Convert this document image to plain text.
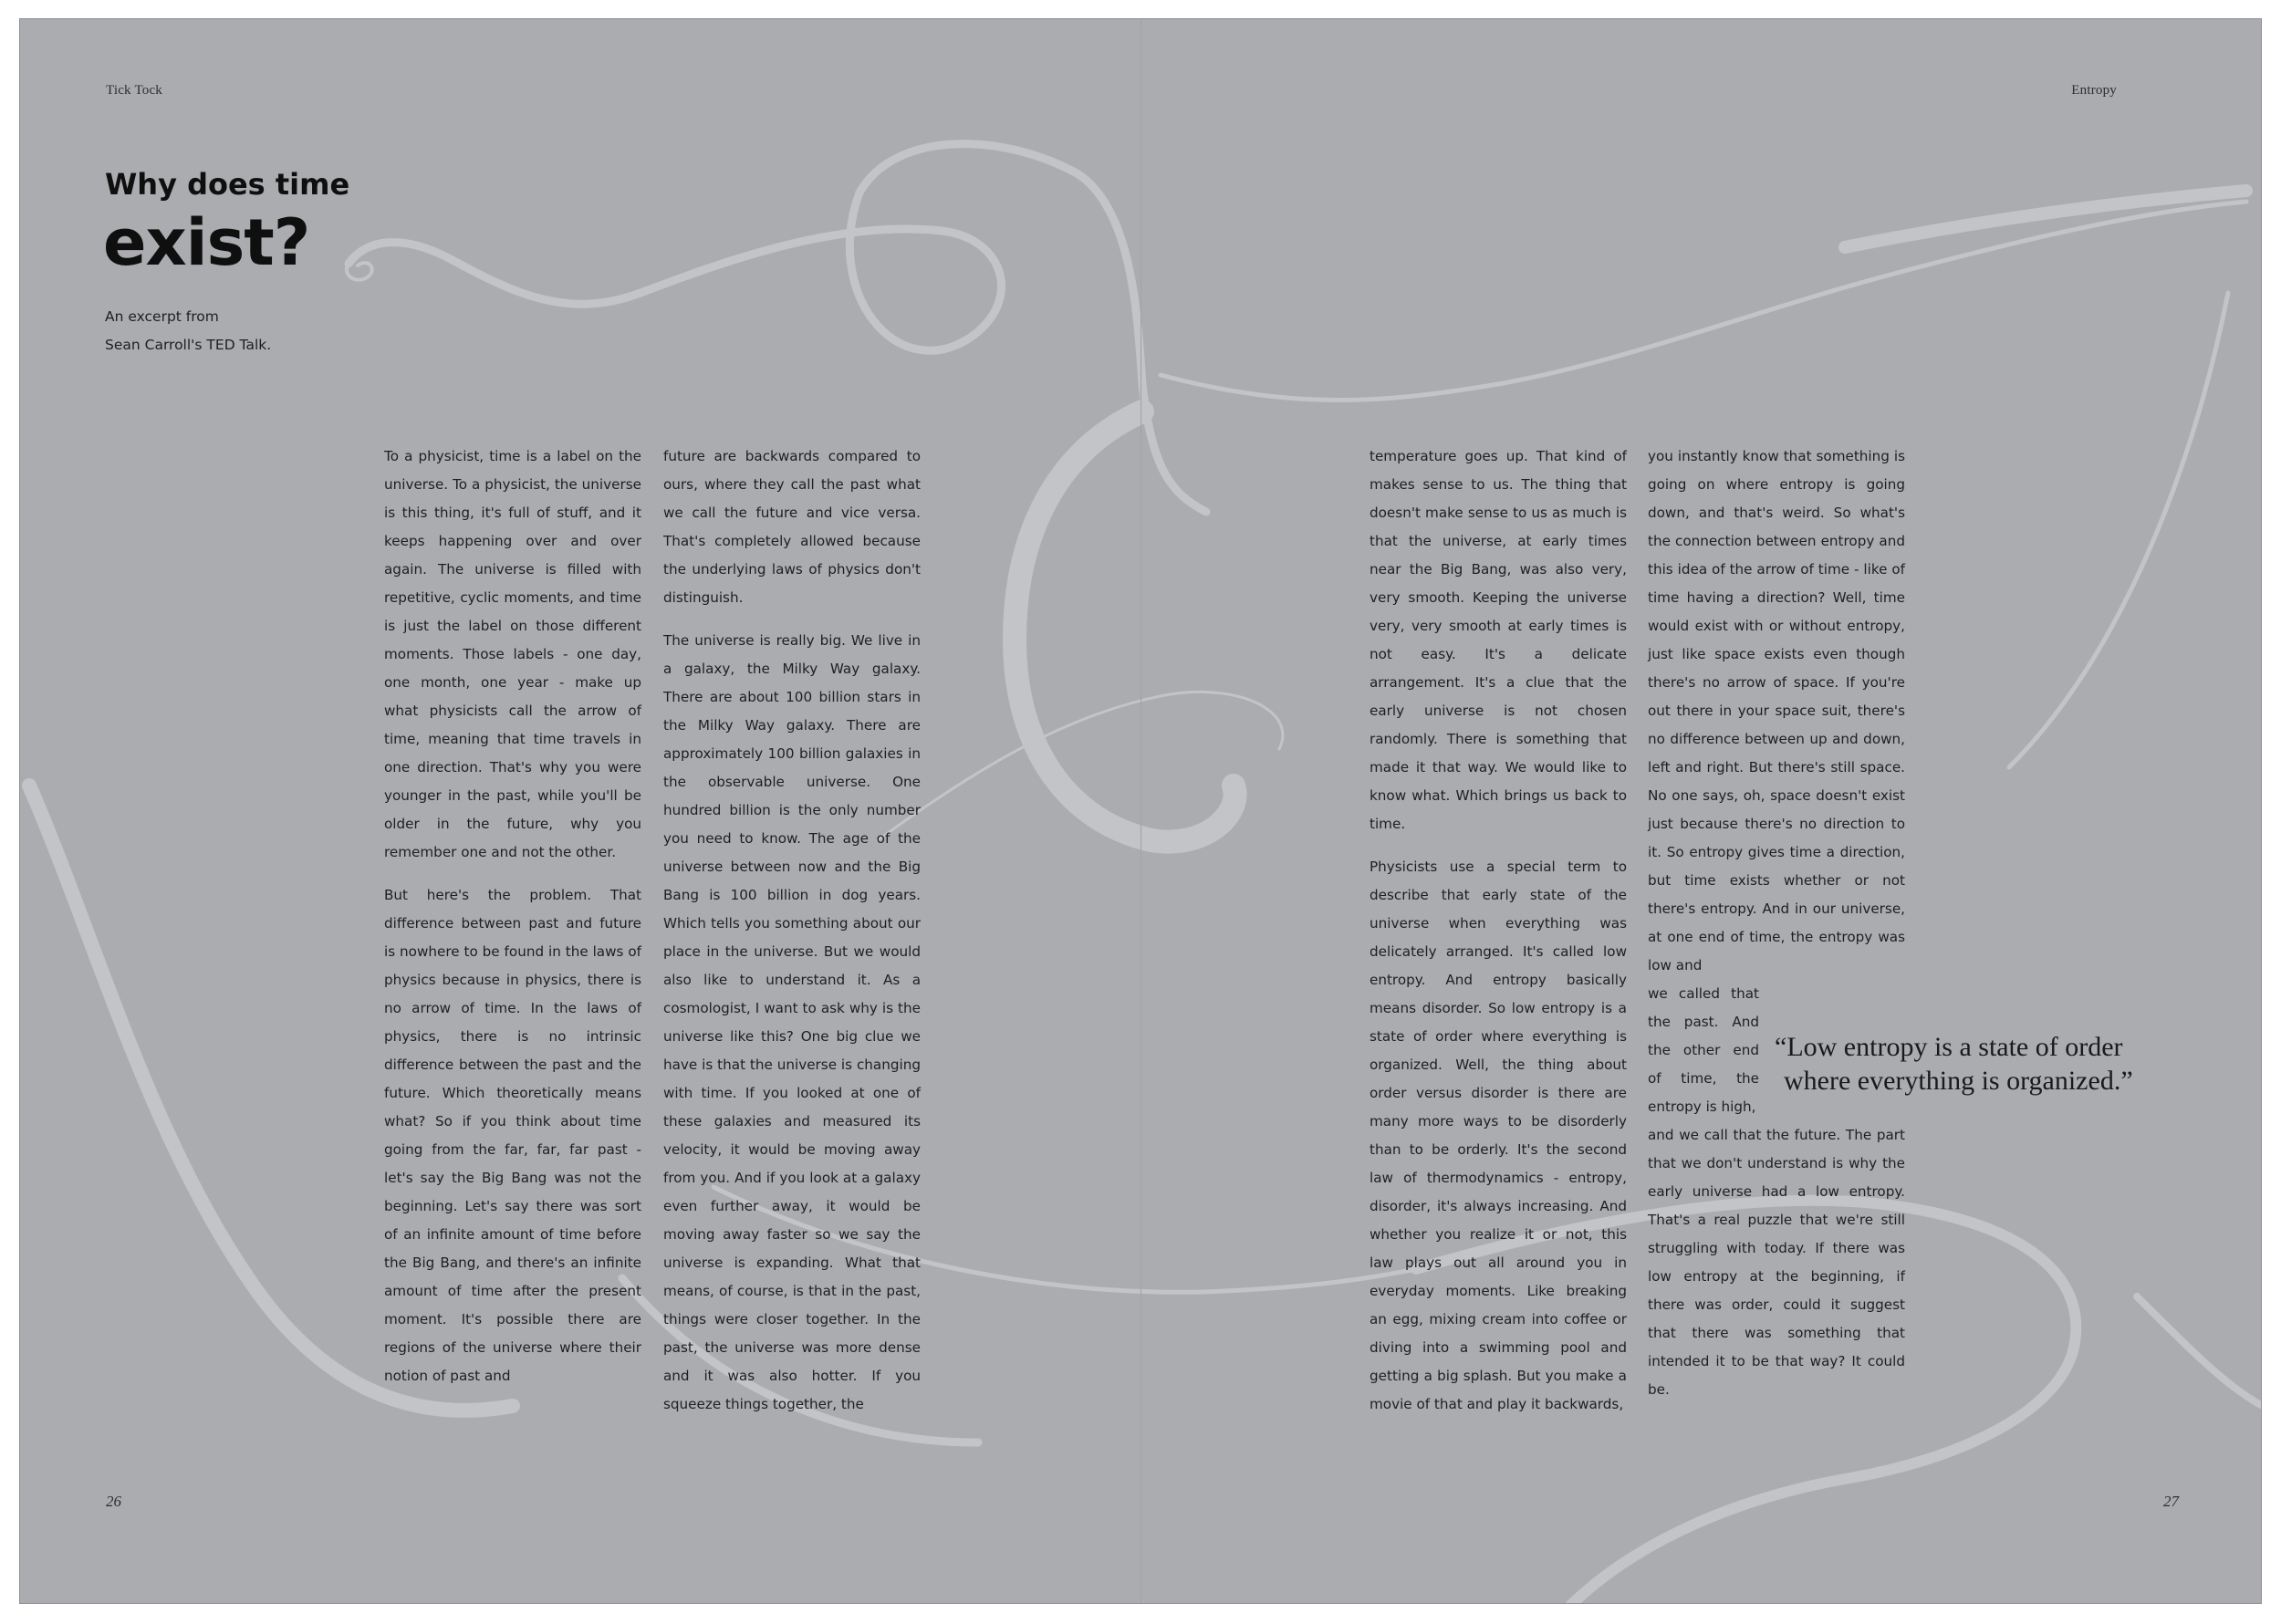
Tick Tock
Why does time
exist?
An excerpt from
Sean Carroll's TED Talk.

To a physicist, time is a label on the universe. To a physicist, the universe is this thing, it's full of stuff, and it keeps happening over and over again. The universe is filled with repetitive, cyclic moments, and time is just the label on those different moments. Those labels - one day, one month, one year - make up what physicists call the arrow of time, meaning that time travels in one direction. That's why you were younger in the past, while you'll be older in the future, why you remember one and not the other.

But here's the problem. That difference between past and future is nowhere to be found in the laws of physics because in physics, there is no arrow of time. In the laws of physics, there is no intrinsic difference between the past and the future. Which theoretically means what? So if you think about time going from the far, far, far past - let's say the Big Bang was not the beginning. Let's say there was sort of an infinite amount of time before the Big Bang, and there's an infinite amount of time after the present moment. It's possible there are regions of the universe where their notion of past and

future are backwards compared to ours, where they call the past what we call the future and vice versa. That's completely allowed because the underlying laws of physics don't distinguish.

The universe is really big. We live in a galaxy, the Milky Way galaxy. There are about 100 billion stars in the Milky Way galaxy. There are approximately 100 billion galaxies in the observable universe. One hundred billion is the only number you need to know. The age of the universe between now and the Big Bang is 100 billion in dog years. Which tells you something about our place in the universe. But we would also like to understand it. As a cosmologist, I want to ask why is the universe like this? One big clue we have is that the universe is changing with time. If you looked at one of these galaxies and measured its velocity, it would be moving away from you. And if you look at a galaxy even further away, it would be moving away faster so we say the universe is expanding. What that means, of course, is that in the past, things were closer together. In the past, the universe was more dense and it was also hotter. If you squeeze things together, the

26
Entropy
27

temperature goes up. That kind of makes sense to us. The thing that doesn't make sense to us as much is that the universe, at early times near the Big Bang, was also very, very smooth. Keeping the universe very, very smooth at early times is not easy. It's a delicate arrangement. It's a clue that the early universe is not chosen randomly. There is something that made it that way. We would like to know what. Which brings us back to time.

Physicists use a special term to describe that early state of the universe when everything was delicately arranged. It's called low entropy. And entropy basically means disorder. So low entropy is a state of order where everything is organized. Well, the thing about order versus disorder is there are many more ways to be disorderly than to be orderly. It's the second law of thermodynamics - entropy, disorder, it's always increasing. And whether you realize it or not, this law plays out all around you in everyday moments. Like breaking an egg, mixing cream into coffee or diving into a swimming pool and getting a big splash. But you make a movie of that and play it backwards,

you instantly know that something is going on where entropy is going down, and that's weird. So what's the connection between entropy and this idea of the arrow of time - like of time having a direction? Well, time would exist with or without entropy, just like space exists even though there's no arrow of space. If you're out there in your space suit, there's no difference between up and down, left and right. But there's still space. No one says, oh, space doesn't exist just because there's no direction to it. So entropy gives time a direction, but time exists whether or not there's entropy. And in our universe, at one end of time, the entropy was low and

we called that the past. And the other end of time, the entropy is high,

and we call that the future. The part that we don't understand is why the early universe had a low entropy. That's a real puzzle that we're still struggling with today. If there was low entropy at the beginning, if there was order, could it suggest that there was something that intended it to be that way? It could be.

“Low entropy is a state of order
where everything is organized.”
